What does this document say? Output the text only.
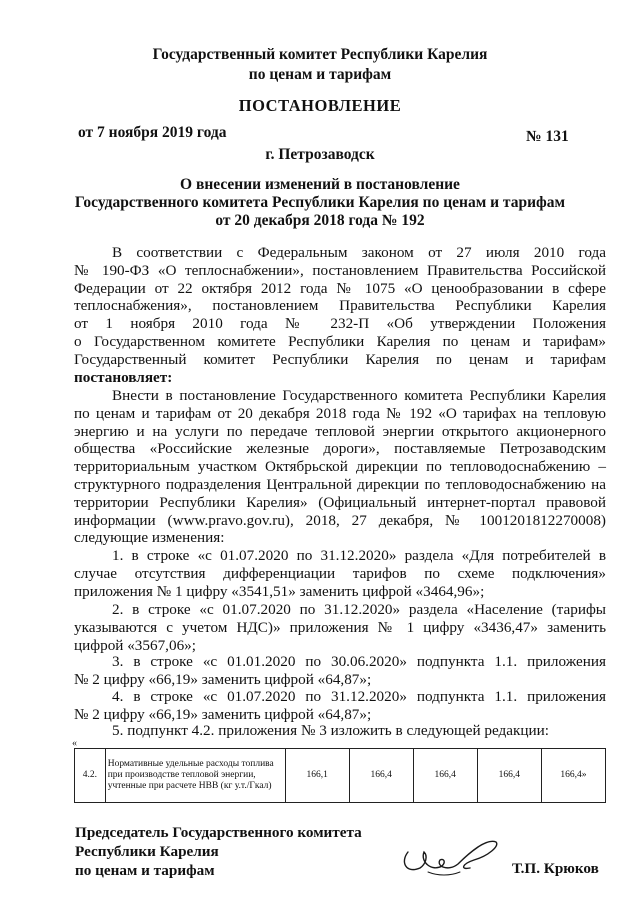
Государственный комитет Республики Карелия
по ценам и тарифам
ПОСТАНОВЛЕНИЕ
от 7 ноября 2019 года	№ 131
г. Петрозаводск
О внесении изменений в постановление
Государственного комитета Республики Карелия по ценам и тарифам
от 20 декабря 2018 года № 192
В соответствии с Федеральным законом от 27 июля 2010 года
№ 190-ФЗ «О теплоснабжении», постановлением Правительства Российской
Федерации от 22 октября 2012 года № 1075 «О ценообразовании в сфере
теплоснабжения», постановлением Правительства Республики Карелия
от 1 ноября 2010 года № 232-П «Об утверждении Положения
о Государственном комитете Республики Карелия по ценам и тарифам»
Государственный комитет Республики Карелия по ценам и тарифам
постановляет:
Внести в постановление Государственного комитета Республики Карелия
по ценам и тарифам от 20 декабря 2018 года № 192 «О тарифах на тепловую
энергию и на услуги по передаче тепловой энергии открытого акционерного
общества «Российские железные дороги», поставляемые Петрозаводским
территориальным участком Октябрьской дирекции по тепловодоснабжению –
структурного подразделения Центральной дирекции по тепловодоснабжению на
территории Республики Карелия» (Официальный интернет-портал правовой
информации (www.pravo.gov.ru), 2018, 27 декабря, № 1001201812270008)
следующие изменения:
1. в строке «с 01.07.2020 по 31.12.2020» раздела «Для потребителей в
случае отсутствия дифференциации тарифов по схеме подключения»
приложения № 1 цифру «3541,51» заменить цифрой «3464,96»;
2. в строке «с 01.07.2020 по 31.12.2020» раздела «Население (тарифы
указываются с учетом НДС)» приложения № 1 цифру «3436,47» заменить
цифрой «3567,06»;
3. в строке «с 01.01.2020 по 30.06.2020» подпункта 1.1. приложения
№ 2 цифру «66,19» заменить цифрой «64,87»;
4. в строке «с 01.07.2020 по 31.12.2020» подпункта 1.1. приложения
№ 2 цифру «66,19» заменить цифрой «64,87»;
5. подпункт 4.2. приложения № 3 изложить в следующей редакции:
«
4.2.	Нормативные удельные расходы топлива при производстве тепловой энергии, учтенные при расчете НВВ (кг у.т./Гкал)	166,1	166,4	166,4	166,4	166,4»
Председатель Государственного комитета
Республики Карелия
по ценам и тарифам	Т.П. Крюков
